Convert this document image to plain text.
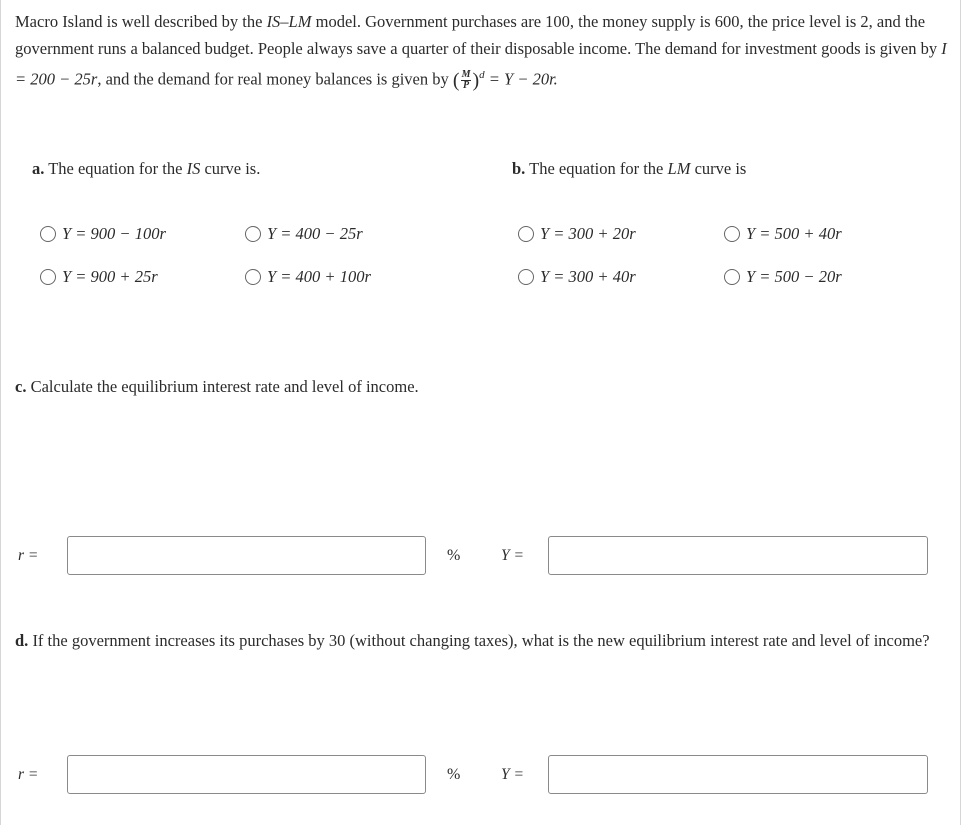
Macro Island is well described by the IS–LM model. Government purchases are 100, the money supply is 600, the price level is 2, and the government runs a balanced budget. People always save a quarter of their disposable income. The demand for investment goods is given by I = 200 − 25r, and the demand for real money balances is given by ( $\frac{M}{P} )^d = Y - 20r$.

a. The equation for the IS curve is.

Y = 900 − 100r	Y = 400 − 25r
Y = 900 + 25r	Y = 400 + 100r

b. The equation for the LM curve is

Y = 300 + 20r	Y = 500 + 40r
Y = 300 + 40r	Y = 500 − 20r

c. Calculate the equilibrium interest rate and level of income.

r =	%	Y =

d. If the government increases its purchases by 30 (without changing taxes), what is the new equilibrium interest rate and level of income?

r =	%	Y =
